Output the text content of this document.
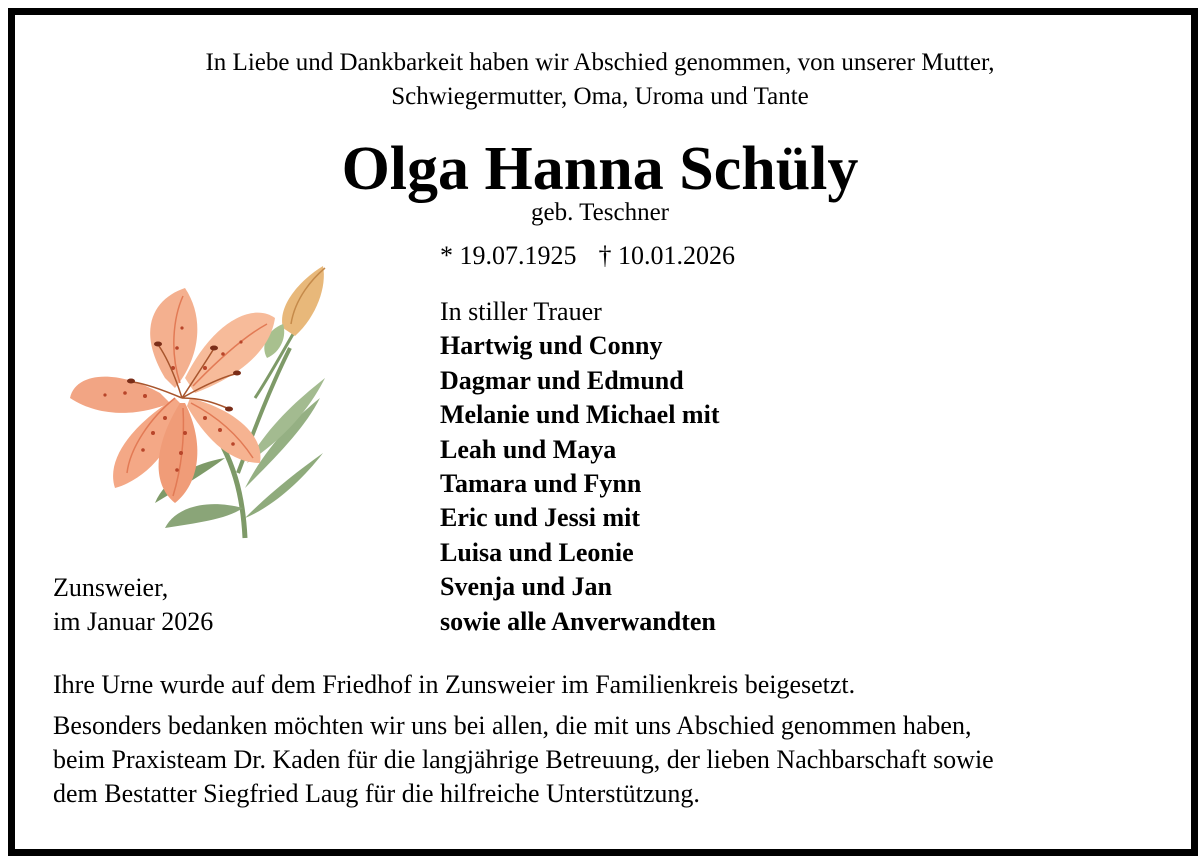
In Liebe und Dankbarkeit haben wir Abschied genommen, von unserer Mutter,
Schwiegermutter, Oma, Uroma und Tante
Olga Hanna Schüly
geb. Teschner
* 19.07.1925 † 10.01.2026
In stiller Trauer
Hartwig und Conny
Dagmar und Edmund
Melanie und Michael mit
Leah und Maya
Tamara und Fynn
Eric und Jessi mit
Luisa und Leonie
Svenja und Jan
sowie alle Anverwandten
Zunsweier,
im Januar 2026
Ihre Urne wurde auf dem Friedhof in Zunsweier im Familienkreis beigesetzt.
Besonders bedanken möchten wir uns bei allen, die mit uns Abschied genommen haben,
beim Praxisteam Dr. Kaden für die langjährige Betreuung, der lieben Nachbarschaft sowie
dem Bestatter Siegfried Laug für die hilfreiche Unterstützung.
